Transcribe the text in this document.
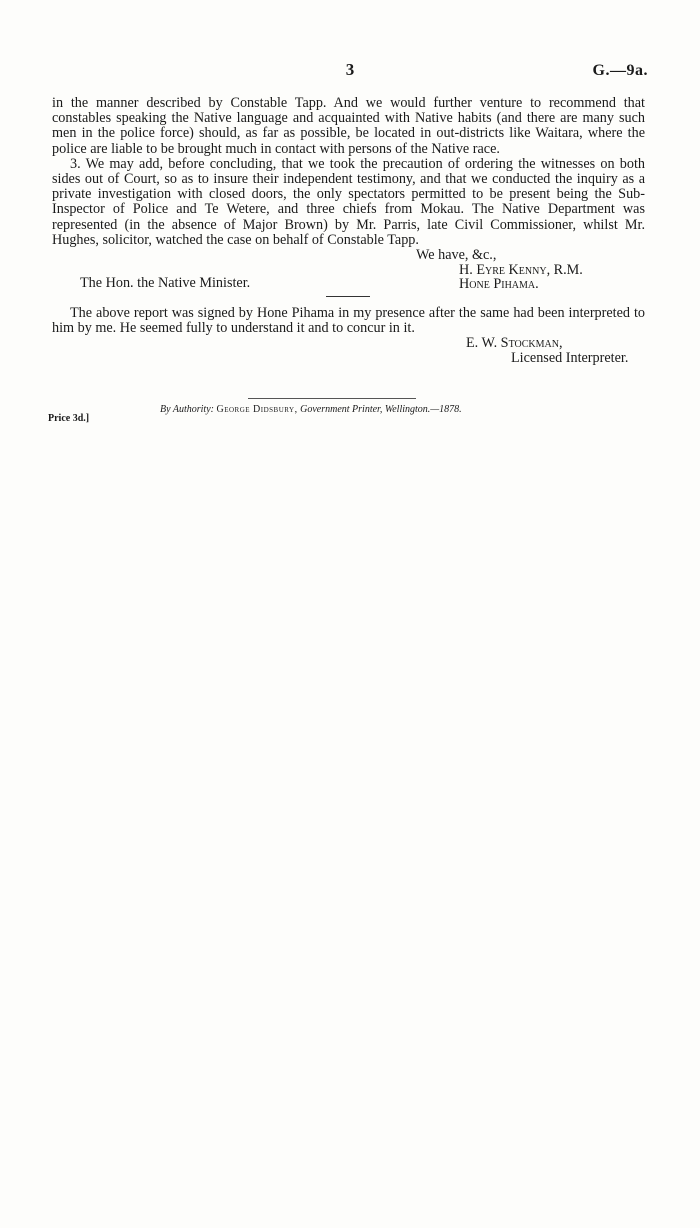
3	G.—9a.

in the manner described by Constable Tapp. And we would further venture to recommend that constables speaking the Native language and acquainted with Native habits (and there are many such men in the police force) should, as far as possible, be located in out-districts like Waitara, where the police are liable to be brought much in contact with persons of the Native race.

3. We may add, before concluding, that we took the precaution of ordering the witnesses on both sides out of Court, so as to insure their independent testimony, and that we conducted the inquiry as a private investigation with closed doors, the only spectators permitted to be present being the Sub-Inspector of Police and Te Wetere, and three chiefs from Mokau. The Native Department was represented (in the absence of Major Brown) by Mr. Parris, late Civil Commissioner, whilst Mr. Hughes, solicitor, watched the case on behalf of Constable Tapp.

We have, &c.,
H. Eyre Kenny, R.M.
The Hon. the Native Minister.	Hone Pihama.

The above report was signed by Hone Pihama in my presence after the same had been interpreted to him by me. He seemed fully to understand it and to concur in it.

E. W. Stockman,
Licensed Interpreter.
By Authority: George Didsbury, Government Printer, Wellington.—1878.
Price 3d.]
